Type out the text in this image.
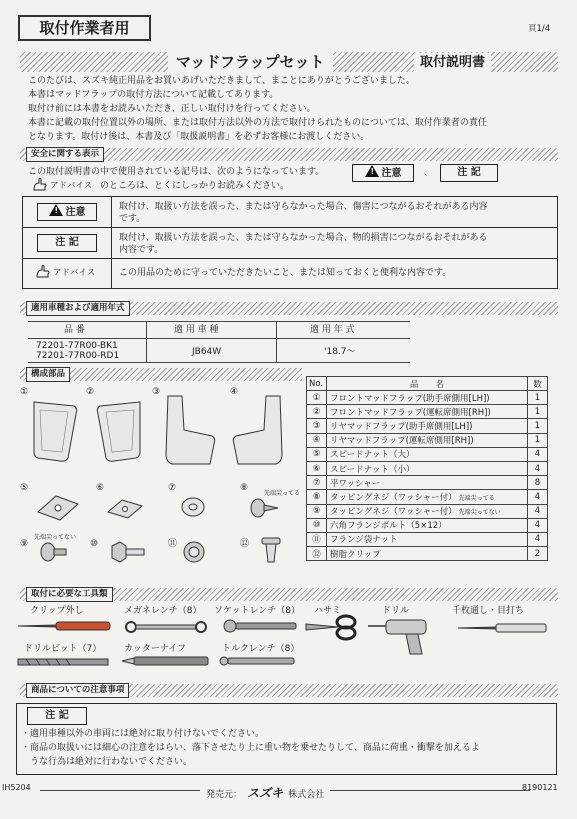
取付作業者用	頁1/4
マッドフラップセット	取付説明書
このたびは、スズキ純正用品をお買いあげいただきまして、まことにありがとうございました。
本書はマッドフラップの取付方法について記載してあります。
取付け前には本書をお読みいただき、正しい取付けを行ってください。
本書に記載の取付位置以外の場所、または取付方法以外の方法で取付けられたものについては、取付作業者の責任
となります。取付け後は、本書及び「取扱説明書」を必ずお客様にお渡しください。
安全に関する表示
この取付説明書の中で使用されている記号は、次のようになっています。	! 注意	、	注 記
アドバイス のところは、とくにしっかりお読みください。
! 注意	取付け、取扱い方法を誤った、または守らなかった場合、傷害につながるおそれがある内容
です。
注 記	取付け、取扱い方法を誤った、または守らなかった場合、物的損害につながるおそれがある
内容です。
アドバイス	この用品のために守っていただきたいこと、または知っておくと便利な内容です。
適用車種および適用年式
品 番	適 用 車 種	適 用 年 式
72201-77R00-BK1
72201-77R00-RD1	JB64W	'18.7〜
構成部品
①	②	③	④
⑤	⑥	⑦	⑧
先端尖ってる
⑨
先端尖ってない
⑩	⑪	⑫
No.	品　　名	数
①	フロントマッドフラップ(助手席側用[LH])	1
②	フロントマッドフラップ(運転席側用[RH])	1
③	リヤマッドフラップ(助手席側用[LH])	1
④	リヤマッドフラップ(運転席側用[RH])	1
⑤	スピードナット（大）	4
⑥	スピードナット（小）	4
⑦	平ワッシャー	8
⑧	タッピングネジ（ワッシャー付） 先端尖ってる	4
⑨	タッピングネジ（ワッシャー付） 先端尖ってない	4
⑩	六角フランジボルト（5×12）	4
⑪	フランジ袋ナット	4
⑫	樹脂クリップ	2
取付に必要な工具類
クリップ外し	メガネレンチ（8） ソケットレンチ（8） ハサミ	ドリル	千枚通し・目打ち
ドリルビット（7）	カッターナイフ	トルクレンチ（8）
商品についての注意事項
注 記
・適用車種以外の車両には絶対に取り付けないでください。
・商品の取扱いには細心の注意をはらい、落下させたり上に重い物を乗せたりして、商品に荷重・衝撃を加えるよ
　うな行為は絶対に行わないでください。
IH5204
発売元： スズキ 株式会社
8190121
